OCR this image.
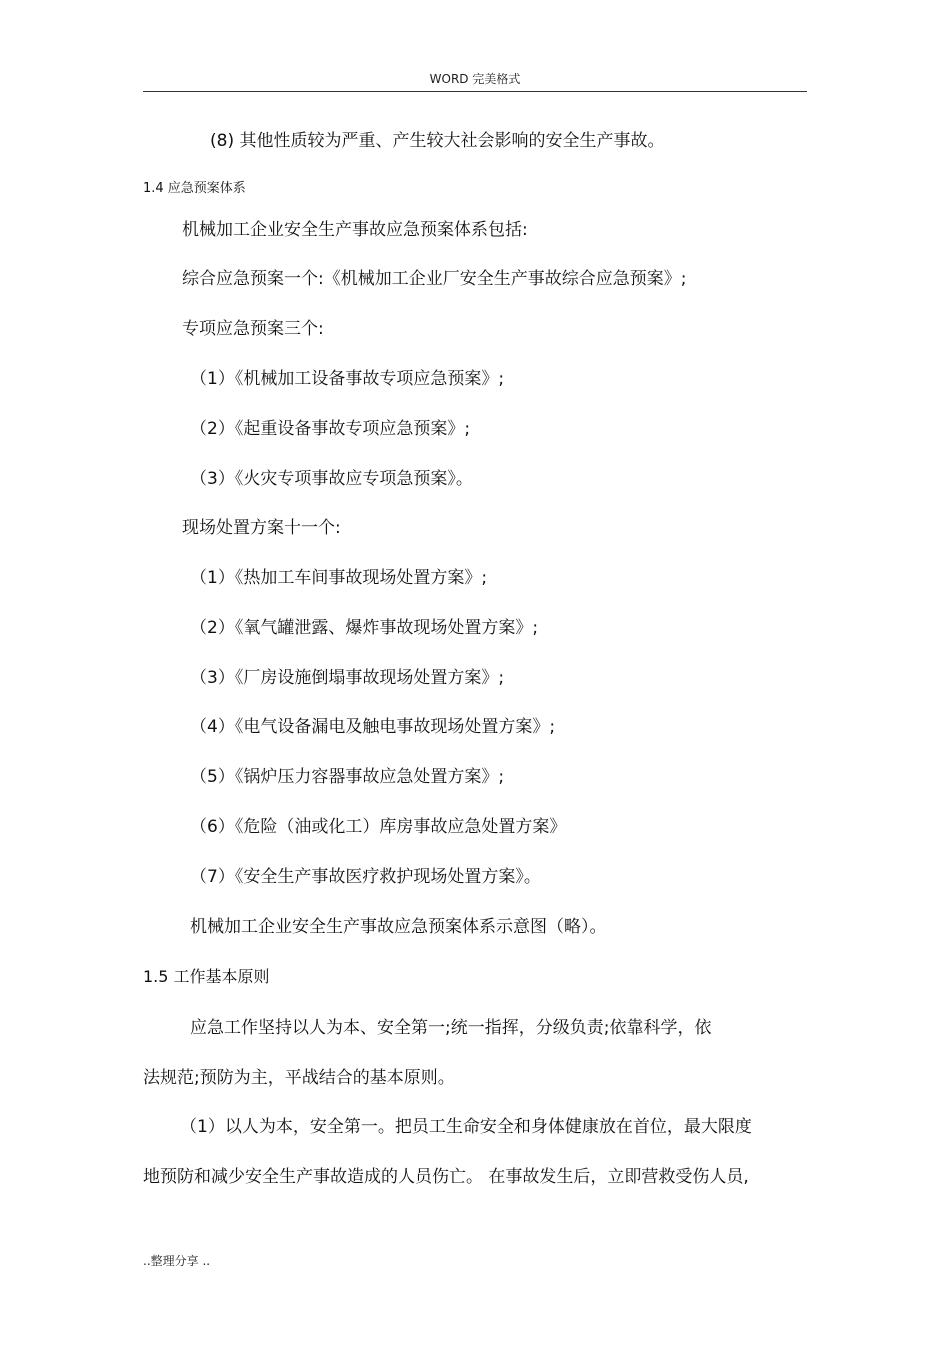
WORD 完美格式
(8) 其他性质较为严重、产生较大社会影响的安全生产事故。
1.4 应急预案体系
机械加工企业安全生产事故应急预案体系包括:
综合应急预案一个:《机械加工企业厂安全生产事故综合应急预案》;
专项应急预案三个:
（1）《机械加工设备事故专项应急预案》;
（2）《起重设备事故专项应急预案》;
（3）《火灾专项事故应专项急预案》。
现场处置方案十一个:
（1）《热加工车间事故现场处置方案》;
（2）《氧气罐泄露、爆炸事故现场处置方案》;
（3）《厂房设施倒塌事故现场处置方案》;
（4）《电气设备漏电及触电事故现场处置方案》;
（5）《锅炉压力容器事故应急处置方案》;
（6）《危险（油或化工）库房事故应急处置方案》
（7）《安全生产事故医疗救护现场处置方案》。
机械加工企业安全生产事故应急预案体系示意图（略）。
1.5 工作基本原则
应急工作坚持以人为本、安全第一;统一指挥，分级负责;依靠科学，依
法规范;预防为主，平战结合的基本原则。
（1）以人为本，安全第一。把员工生命安全和身体健康放在首位，最大限度
地预防和减少安全生产事故造成的人员伤亡。 在事故发生后，立即营救受伤人员,
..整理分享 ..
